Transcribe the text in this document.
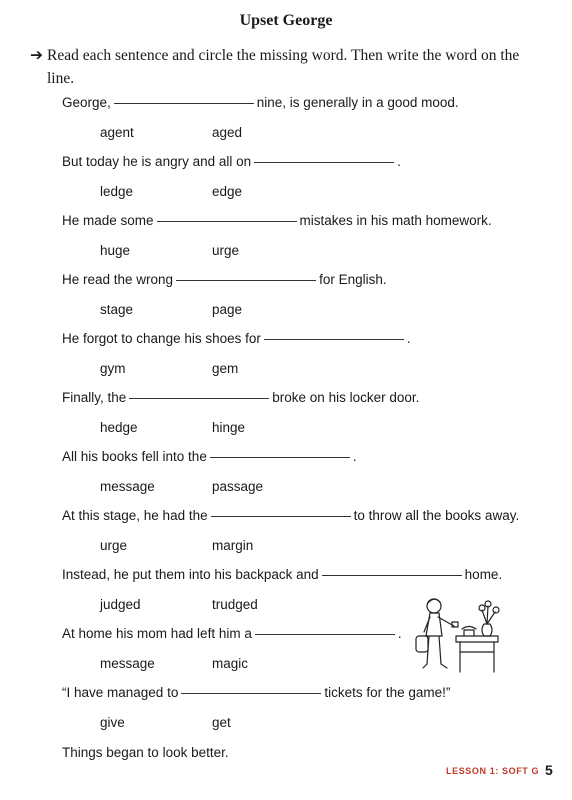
Upset George
➔ Read each sentence and circle the missing word. Then write the word on the line.
George,	nine, is generally in a good mood.
agent	aged
But today he is angry and all on	.
ledge	edge
He made some	mistakes in his math homework.
huge	urge
He read the wrong	for English.
stage	page
He forgot to change his shoes for	.
gym	gem
Finally, the	broke on his locker door.
hedge	hinge
All his books fell into the	.
message	passage
At this stage, he had the	to throw all the books away.
urge	margin
Instead, he put them into his backpack and	home.
judged	trudged
At home his mom had left him a	.
message	magic
“I have managed to	tickets for the game!”
give	get
Things began to look better.
LESSON 1: SOFT G 5
